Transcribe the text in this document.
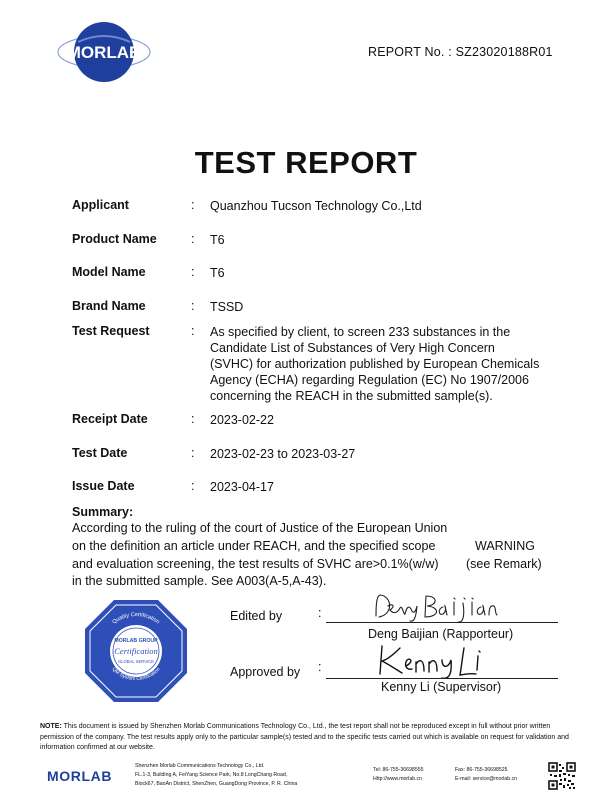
MORLAB	REPORT No. : SZ23020188R01
TEST REPORT
Applicant	: Quanzhou Tucson Technology Co.,Ltd
Product Name	: T6
Model Name	: T6
Brand Name	: TSSD
Test Request	: As specified by client, to screen 233 substances in the
Candidate List of Substances of Very High Concern
(SVHC) for authorization published by European Chemicals
Agency (ECHA) regarding Regulation (EC) No 1907/2006
concerning the REACH in the submitted sample(s).
Receipt Date	: 2023-02-22
Test Date	: 2023-02-23 to 2023-03-27
Issue Date	: 2023-04-17
Summary:
According to the ruling of the court of Justice of the European Union
on the definition an article under REACH, and the specified scope
and evaluation screening, the test results of SVHC are>0.1%(w/w)
in the submitted sample. See A003(A-5,A-43).
WARNING
(see Remark)
Quality Certification
QM System Certification
MORLAB GROUP
Certification
GLOBAL SERVICE
Edited by	:
Deng Baijian (Rapporteur)
Approved by :
Kenny Li (Supervisor)
NOTE: This document is issued by Shenzhen Morlab Communications Technology Co., Ltd., the test report shall not be reproduced except in full without prior written permission of the company. The test results apply only to the particular sample(s) tested and to the specific tests carried out which is available on request for validation and information confirmed at our website.
MORLAB
Shenzhen Morlab Communications Technology Co., Ltd.
FL.1-3, Building A, FeiYang Science Park, No.8 LongChang Road,
Block67, BaoAn District, ShenZhen, GuangDong Province, P. R. China
Tel: 86-755-36698555
Http://www.morlab.cn
Fax: 86-755-36698525
E-mail: service@morlab.cn
